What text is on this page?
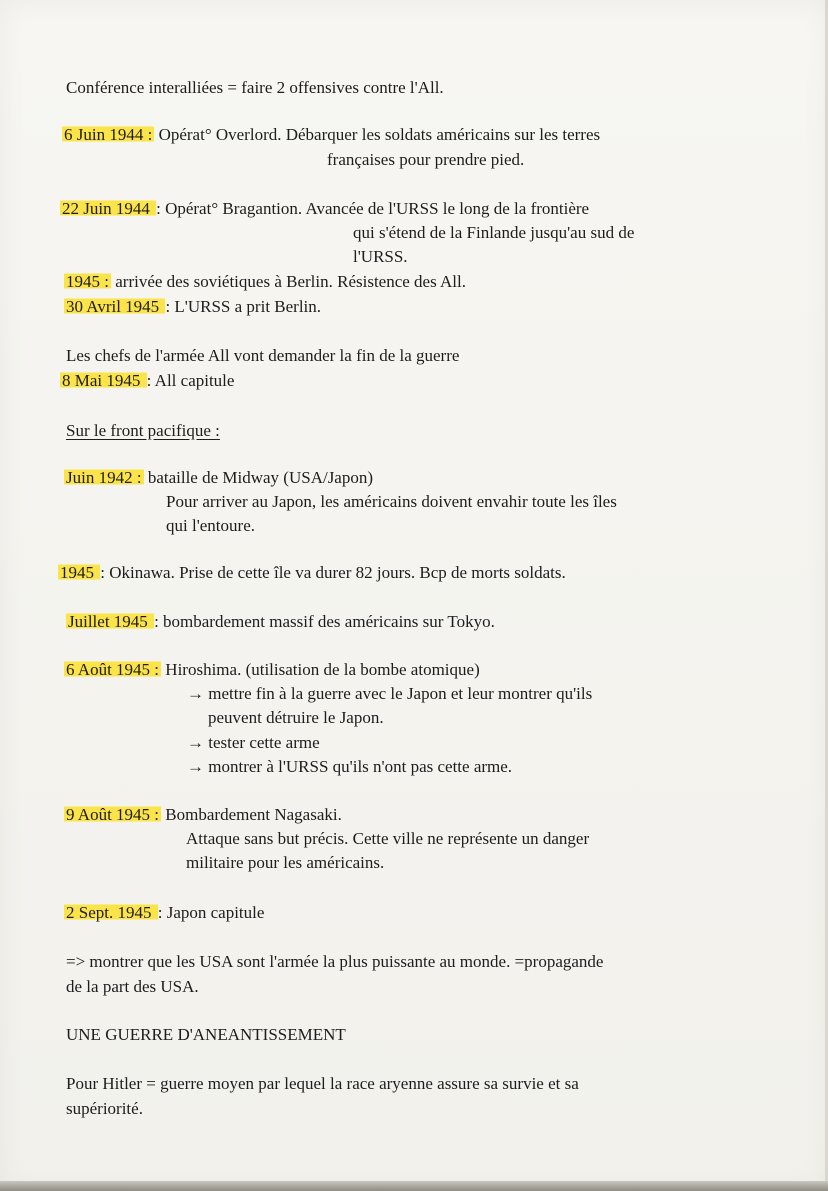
Conférence interalliées = faire 2 offensives contre l'All.

6 Juin 1944 : Opérat° Overlord. Débarquer les soldats américains sur les terres

françaises pour prendre pied.

22 Juin 1944 : Opérat° Bragantion. Avancée de l'URSS le long de la frontière

qui s'étend de la Finlande jusqu'au sud de

l'URSS.

1945 : arrivée des soviétiques à Berlin. Résistence des All.

30 Avril 1945 : L'URSS a prit Berlin.

Les chefs de l'armée All vont demander la fin de la guerre

8 Mai 1945 : All capitule

Sur le front pacifique :

Juin 1942 : bataille de Midway (USA/Japon)

Pour arriver au Japon, les américains doivent envahir toute les îles

qui l'entoure.

1945 : Okinawa. Prise de cette île va durer 82 jours. Bcp de morts soldats.

Juillet 1945 : bombardement massif des américains sur Tokyo.

6 Août 1945 : Hiroshima. (utilisation de la bombe atomique)

→ mettre fin à la guerre avec le Japon et leur montrer qu'ils

peuvent détruire le Japon.

→ tester cette arme

→ montrer à l'URSS qu'ils n'ont pas cette arme.

9 Août 1945 : Bombardement Nagasaki.

Attaque sans but précis. Cette ville ne représente un danger

militaire pour les américains.

2 Sept. 1945 : Japon capitule

=> montrer que les USA sont l'armée la plus puissante au monde. =propagande

de la part des USA.

UNE GUERRE D'ANEANTISSEMENT

Pour Hitler = guerre moyen par lequel la race aryenne assure sa survie et sa

supériorité.
